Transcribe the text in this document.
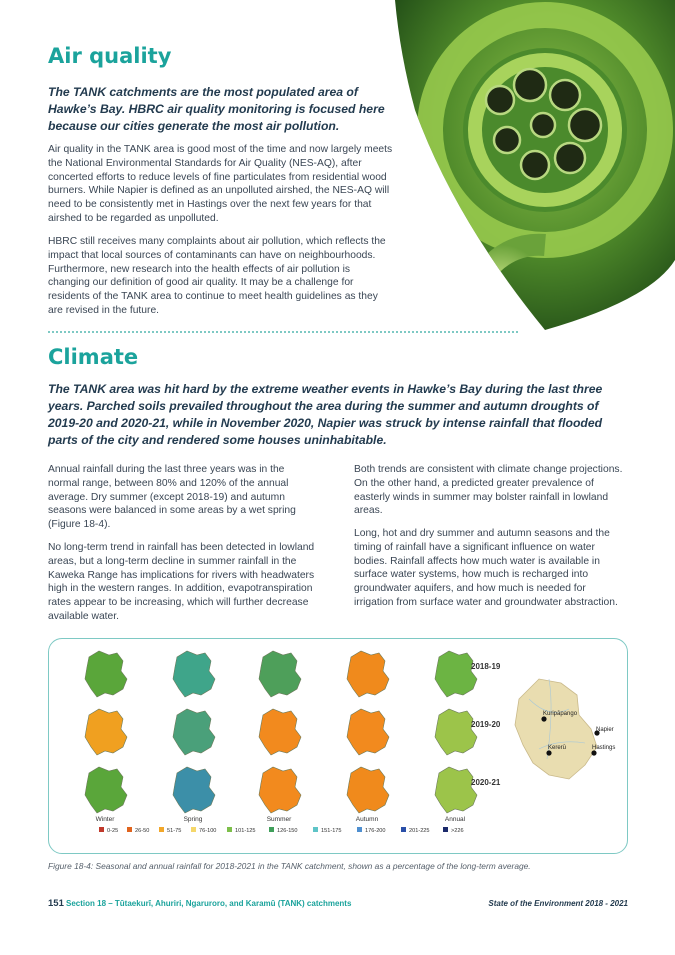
Air quality
The TANK catchments are the most populated area of Hawke’s Bay. HBRC air quality monitoring is focused here because our cities generate the most air pollution.
Air quality in the TANK area is good most of the time and now largely meets the National Environmental Standards for Air Quality (NES-AQ), after concerted efforts to reduce levels of fine particulates from residential wood burners. While Napier is defined as an unpolluted airshed, the NES-AQ will need to be consistently met in Hastings over the next few years for that airshed to be regarded as unpolluted.
HBRC still receives many complaints about air pollution, which reflects the impact that local sources of contaminants can have on neighbourhoods. Furthermore, new research into the health effects of air pollution is changing our definition of good air quality. It may be a challenge for residents of the TANK area to continue to meet health guidelines as they are revised in the future.
Climate
The TANK area was hit hard by the extreme weather events in Hawke’s Bay during the last three years. Parched soils prevailed throughout the area during the summer and autumn droughts of 2019-20 and 2020-21, while in November 2020, Napier was struck by intense rainfall that flooded parts of the city and rendered some houses uninhabitable.
Annual rainfall during the last three years was in the normal range, between 80% and 120% of the annual average. Dry summer (except 2018-19) and autumn seasons were balanced in some areas by a wet spring (Figure 18-4).
No long-term trend in rainfall has been detected in lowland areas, but a long-term decline in summer rainfall in the Kaweka Range has implications for rivers with headwaters high in the western ranges. In addition, evapotranspiration rates appear to be increasing, which will further decrease available water.
Both trends are consistent with climate change projections. On the other hand, a predicted greater prevalence of easterly winds in summer may bolster rainfall in lowland areas.
Long, hot and dry summer and autumn seasons and the timing of rainfall have a significant influence on water bodies. Rainfall affects how much water is available in surface water systems, how much is recharged into groundwater aquifers, and how much is needed for irrigation from surface water and groundwater abstraction.
2018-19
2019-20
2020-21
Winter	Spring	Summer	Autumn	Annual
0-25	26-50	51-75	76-100	101-125	126-150	151-175	176-200	201-225	>226
Kuripāpango
Napier
Kererū	Hastings
Figure 18-4: Seasonal and annual rainfall for 2018-2021 in the TANK catchment, shown as a percentage of the long-term average.
151 Section 18 – Tūtaekurī, Ahuriri, Ngaruroro, and Karamū (TANK) catchments	State of the Environment 2018 - 2021
